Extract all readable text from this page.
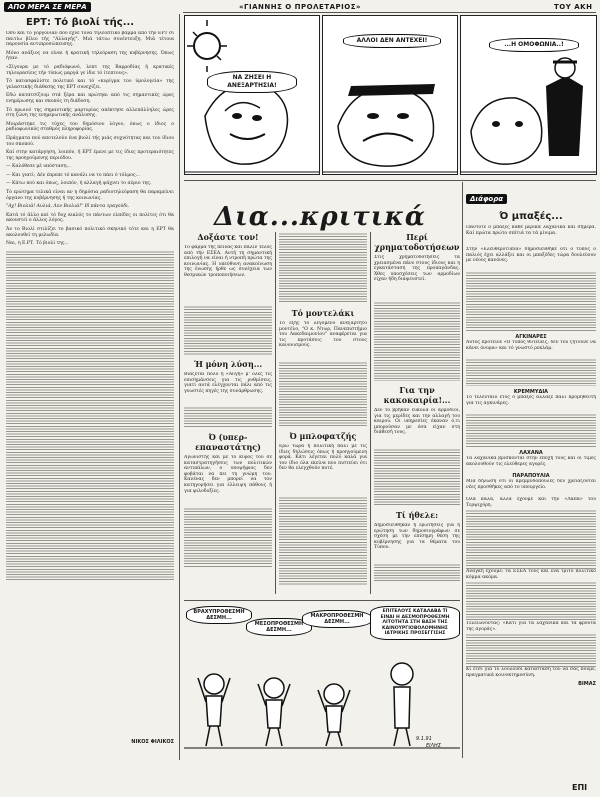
ΑΠΟ ΜΕΡΑ ΣΕ ΜΕΡΑ	«ΓΙΑΝΝΗΣ Ο ΠΡΟΛΕΤΑΡΙΟΣ»	ΤΟΥ ΑΚΗ
ΕΡΤ: Τό βιολί τής...

Οσο καί τό γοργόνιαν πού έχνε τόνα τηλεοπτικό βάμμα από τήν ΕΡΤ σί παιτίω βίλιο τής "Αλλαγής". Μιά τάτιω συνέντευξη. Μιά τέτοια παρουσία αντιπροσώπευσης.

Μόνο ανάξιος να είναι ή κρατική τηλεόραση της κυβέρνησης. Όπως ήταν.

«Σίγουρα με τό ραδιόφωνό, λεπτ της Βαρροδίας ή κρατικές τηλεορασίεις τήν τύπως μαργά γε ίδιε τό ίτεπτους».

Τό κατασφαλίστε πολιτικό και τό «κυρίγμα του ύμολογεία» της γελαστικής διάθεσης της ΕΡΤ συνεχίζει.

Εδώ κατατσίζουμ στά ξέρα και πρώτηαι από τις σημαντικές ώρες ενημέρωσης και σκοπός τη διάδοση.

Τό πρωινό της σημαντικής μαρτυρίας απέκτησε αλλεπάλληλες ώρες στη ζώνη της ενημερωτικής ανάλυσης.

Μοιράστηκε τις τύχες του δημόσιου λόγου, όπως ο ίδιος ο ραδιοφωνικός σταθμός πληροφορίας.

Πράγματα πού αποτελούν ένα βιολί τής μιάς συχνότητας και του ίδιου του σκοπού.

Καί στην κατάργηση, λοιπόν, ή ΕΡΤ έμενε με τις ίδιες προτεραιότητες της προηγούμενης περιόδου.

— Καλόθεσε μέ υπόσταση...

— Και γιατί; Δέν έπρεπε τό κανάλι να το πάει ό τόλμος...

— Κάτω πού και όπως, λοιπόν, ή αλλαγή ψάχνει το αύριο της.

Τό ερώτημα τελικά είναι αν η δημόσια ραδιοτηλεόραση θα παραμείνει όργανο της κυβέρνησης ή της κοινωνίας.

"Αχ! Βιολιά! Αυλιά, Λεν Βιολιά!" Ιδ πάντα τραγούδι.

Κατά τό άλλο καί τό δοχ κικλός το πάντων ελπίδες οι πολίτες ότι θα ακουστεί ο άλλος λόγος.

Άν το Βιολί στιλίζει το βασικό πολιτικό σκηνικό τότε και η ΕΡΤ θα ακολουθεί τη μελωδία.

Ναι, η Ε.ΡΤ. Τό βιολί της...

ΝΙΚΟΣ ΦΙΛΙΚΟΣ
ΝΑ ΖΗΣΕΙ Η ΑΝΕΞΑΡΤΗΣΙΑ!
ΑΛΛΟΙ ΔΕΝ ΑΝΤΕΧΕΙ!
...Η ΟΜΟΦΩΝΙΑ..!
Δια...κριτικά
Δοξάστε τον!
Τό φαρμα τής πείνας καί πάλιν τέλος από τήν ΕΣΕΑ. Αυτή τη σημαντική επιλογή να είναι ή ντροπή πρώτα της κοινωνίας. Η υπεύθυνη ανακοίνωση της ένωσης ήρθε ως συνέχεια των θεσμικών τροποποιήσεων.
Ή μόνη λύση...
Βιάζεται πολύ η «Αυγή» μ' όλες τις επισημάνσεις για τις ρυθμίσεις, γιατί αυτά ελέγχονται πάλι από τις γνωστές πηγές της συνάρθρωσης.
Ό (υπερ-επαναστάτης)
Αγωνιστής καί μέ τό κύρος του σε καταστρατηγήσεις των πολιτικών αντιπάλων, ο υποψήφιος δεν φοβάται να πει τη γνώμη του. Κανένας δεν μπορεί να τον κατηγορήσει για έλλειψη πάθους ή για φιλοδοξίες.
Τό μοντελάκι
Τό εξής τό λεγόμενο ανεξάρτητο μοντέλο, "Ο κ. Ντωρ, Πανεπιστήμιο του Λακεδαιμονίου" αναφέρεται για τις προτάσεις του στους κανονισμούς.
Ό μπλοφατζής
Ερω τώρα ή πολιτική πάλι μέ τις ίδιες δηλώσεις όπως ή προηγούμενη φορά. Κάτι λέγεται πολύ καλά για τον ίδιο όλα εκείνα που πιστεύει ότι δεν θα ελεγχθούν ποτέ.
Περί χρηματοδοτήσεων
Στις χρηματοδοτήσεις τα χρειασμένα πάνε στους ίδιους και η εγκατάσταση της προπαγάνδας. Χθες υποσχέσεις των αρμοδίων είχαν ήδη διαψευστεί.
Για την κακοκαιρία!...
Δεν τό βρήκαν εύκολα οι αρμόδιοι, για τις μερίδες και την αλλαγή του καιρού. Οι υπηρεσίες έκαναν ό,τι μπορούσαν με όσα είχαν στη διάθεσή τους.
Τί ήθελε:
Δημοσιεύθηκαν ή ερωτήσεις για ή ερώτηση των δημοσιογράφων σε σχέση με την επίσημη θέση της κυβέρνησης για τα θέματα του Τύπου.
Διάφορα
Ό μπαξές...
Πάντοτε ό μπαξές κάθε μερικά λαχανικά καί σήμερα. Καί πρώτα πρώτο σπίτιά τα τά μίνιμα.
Στην «Ελευθεροτυπία» δημοσιεύθηκε ότι ο τύπος ο παλιός έχει αλλάξει και οι μπαξέδες τώρα δουλεύουν με νέους κανόνες.
ΑΓΚΙΝΑΡΕΣ
Αυτός πρότεινε «Ό τύπος θυτεύεις, δεν τού ζητούνε να κάνει όνομα» και τό γνωστό ρεκλάμ.
ΚΡΕΜΜΥΔΙΑ
Τό τελευταίο έτος ο μπαξές άλλαξε πάλι προμηθευτή για τις αγκινάρες.
ΛΑΧΑΝΑ
Τα λαχανικά βρίσκονται στην εποχή τους και οι τιμές ακολουθούν τις ελεύθερες αγορές.
ΠΑΡΑΠΟΥΛΙΑ
Μιά δήλωση ότι οι κρεμμυδόπουλες δεν χρειάζονται νέες προσθήκες από το υπουργείο.
Όλα καλά, αλλά έχουμε καί τήν «Λάπα» του Τερψιχόρη.
Ανάγκη έχουμε: τα ΕΣΕΑ τους και ένα τρίτο πολιτικό κόμμα ακόμα.
Τελειώνοντας: «Κάτι για τα λαχανικά καί τά φρούτα της αγοράς».
Κι έτσι γιά τό λουλούδι κατάσταση του να σας πούμε, πραγματικά κοινοκτημοσύνη.
ΒΙΜΑΣ
ΒΡΑΧΥΠΡΟΘΕΣΜΗ ΔΕΣΜΗ...
ΜΕΣΟΠΡΟΘΕΣΜΗ ΔΕΣΜΗ...
ΜΑΚΡΟΠΡΟΘΕΣΜΗ ΔΕΣΜΗ...
ΕΠΙΤΕΛΟΥΣ ΚΑΤΑΛΑΒΑ ΤΙ ΕΙΝΑΙ Η ΔΕΣΜΟΠΡΟΘΕΣΜΗ ΛΙΤΟΤΗΤΑ ΣΤΗ ΒΑΣΗ ΤΗΣ ΚΑΙΝΟΥΡΓΙΟΒΟΛΟΜΗΝΗΣ ΙΑΤΡΙΚΗΣ ΠΡΟΣΕΓΓΙΣΗΣ
9.1.91
ΕΙΛΗΣ
ΕΠΙ
